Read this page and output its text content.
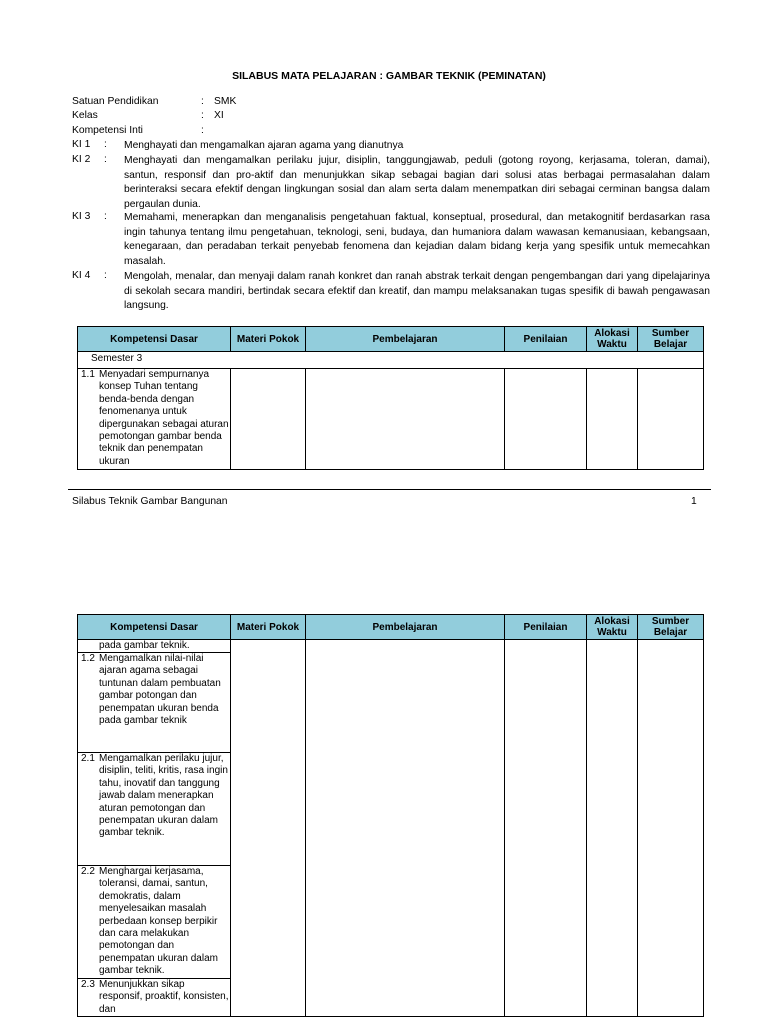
SILABUS MATA PELAJARAN : GAMBAR TEKNIK (PEMINATAN)
Satuan Pendidikan	: SMK
Kelas	: XI
Kompetensi Inti	:
KI 1 : Menghayati dan mengamalkan ajaran agama yang dianutnya
KI 2 : Menghayati dan mengamalkan perilaku jujur, disiplin, tanggungjawab, peduli (gotong royong, kerjasama, toleran, damai), santun, responsif dan pro-aktif dan menunjukkan sikap sebagai bagian dari solusi atas berbagai permasalahan dalam berinteraksi secara efektif dengan lingkungan sosial dan alam serta dalam menempatkan diri sebagai cerminan bangsa dalam pergaulan dunia.
KI 3 : Memahami, menerapkan dan menganalisis pengetahuan faktual, konseptual, prosedural, dan metakognitif berdasarkan rasa ingin tahunya tentang ilmu pengetahuan, teknologi, seni, budaya, dan humaniora dalam wawasan kemanusiaan, kebangsaan, kenegaraan, dan peradaban terkait penyebab fenomena dan kejadian dalam bidang kerja yang spesifik untuk memecahkan masalah.
KI 4 : Mengolah, menalar, dan menyaji dalam ranah konkret dan ranah abstrak terkait dengan pengembangan dari yang dipelajarinya di sekolah secara mandiri, bertindak secara efektif dan kreatif, dan mampu melaksanakan tugas spesifik di bawah pengawasan langsung.
Kompetensi Dasar	Materi Pokok	Pembelajaran	Penilaian	Alokasi Waktu	Sumber Belajar

Semester 3					

1.1 Menyadari sempurnanya konsep Tuhan tentang benda-benda dengan fenomenanya untuk dipergunakan sebagai aturan pemotongan gambar benda teknik dan penempatan ukuran					

Silabus Teknik Gambar Bangunan	1
Kompetensi Dasar	Materi Pokok	Pembelajaran	Penilaian	Alokasi Waktu	Sumber Belajar

pada gambar teknik.					

1.2 Mengamalkan nilai-nilai ajaran agama sebagai tuntunan dalam pembuatan gambar potongan dan penempatan ukuran benda pada gambar teknik					

2.1 Mengamalkan perilaku jujur, disiplin, teliti, kritis, rasa ingin tahu, inovatif dan tanggung jawab dalam menerapkan aturan pemotongan dan penempatan ukuran dalam gambar teknik.					

2.2 Menghargai kerjasama, toleransi, damai, santun, demokratis, dalam menyelesaikan masalah perbedaan konsep berpikir dan cara melakukan pemotongan dan penempatan ukuran dalam gambar teknik.					

2.3 Menunjukkan sikap responsif, proaktif, konsisten, dan					
